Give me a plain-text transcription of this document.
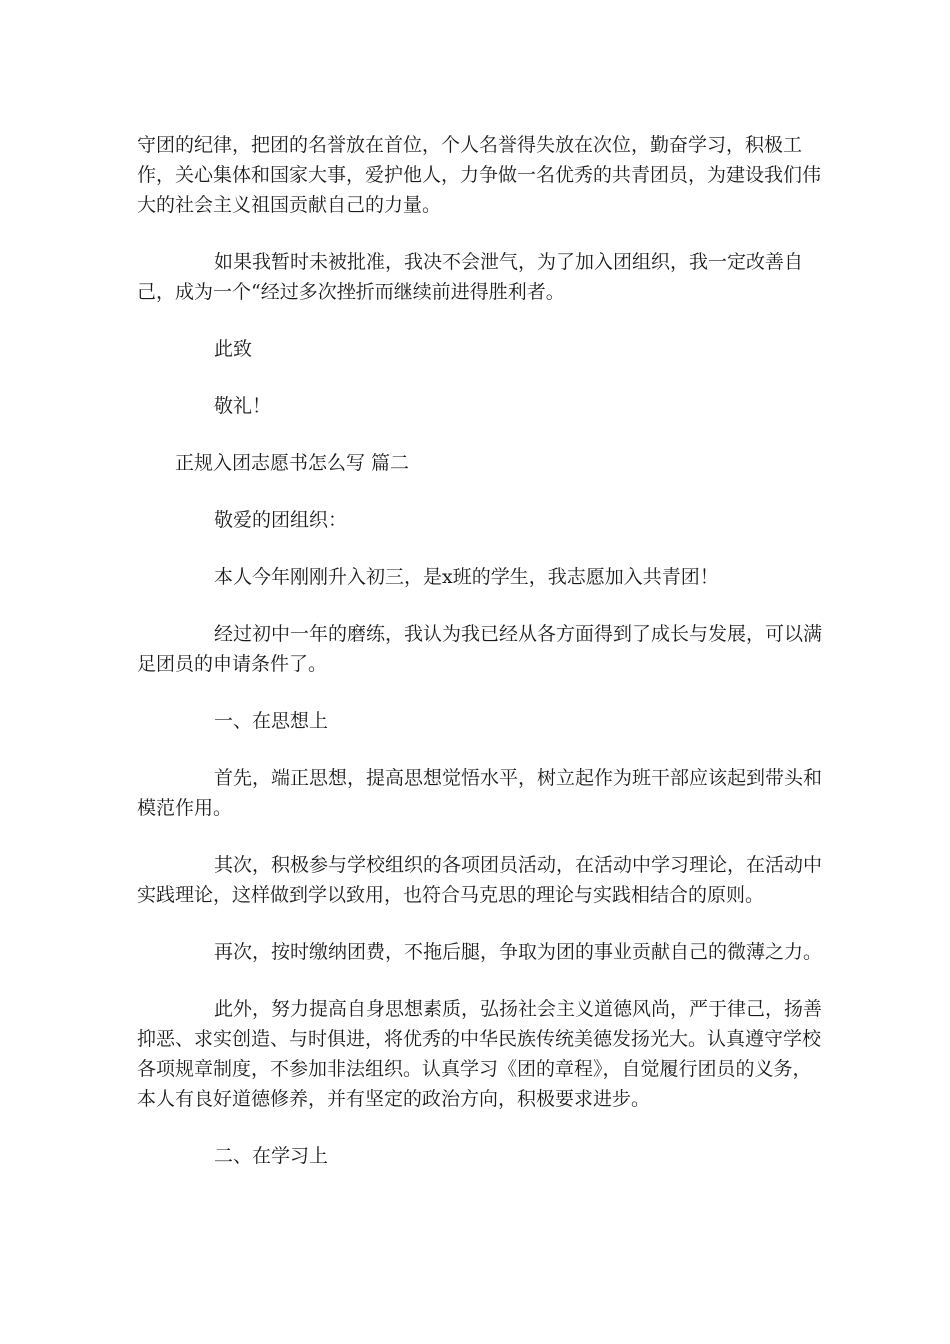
守团的纪律，把团的名誉放在首位，个人名誉得失放在次位，勤奋学习，积极工作，关心集体和国家大事，爱护他人，力争做一名优秀的共青团员，为建设我们伟大的社会主义祖国贡献自己的力量。

如果我暂时未被批准，我决不会泄气，为了加入团组织，我一定改善自己，成为一个“经过多次挫折而继续前进得胜利者。

此致

敬礼！

正规入团志愿书怎么写 篇二

敬爱的团组织：

本人今年刚刚升入初三，是x班的学生，我志愿加入共青团！

经过初中一年的磨练，我认为我已经从各方面得到了成长与发展，可以满足团员的申请条件了。

一、在思想上

首先，端正思想，提高思想觉悟水平，树立起作为班干部应该起到带头和模范作用。

其次，积极参与学校组织的各项团员活动，在活动中学习理论，在活动中实践理论，这样做到学以致用，也符合马克思的理论与实践相结合的原则。

再次，按时缴纳团费，不拖后腿，争取为团的事业贡献自己的微薄之力。

此外，努力提高自身思想素质，弘扬社会主义道德风尚，严于律己，扬善抑恶、求实创造、与时俱进，将优秀的中华民族传统美德发扬光大。认真遵守学校各项规章制度，不参加非法组织。认真学习《团的章程》，自觉履行团员的义务，本人有良好道德修养，并有坚定的政治方向，积极要求进步。

二、在学习上
